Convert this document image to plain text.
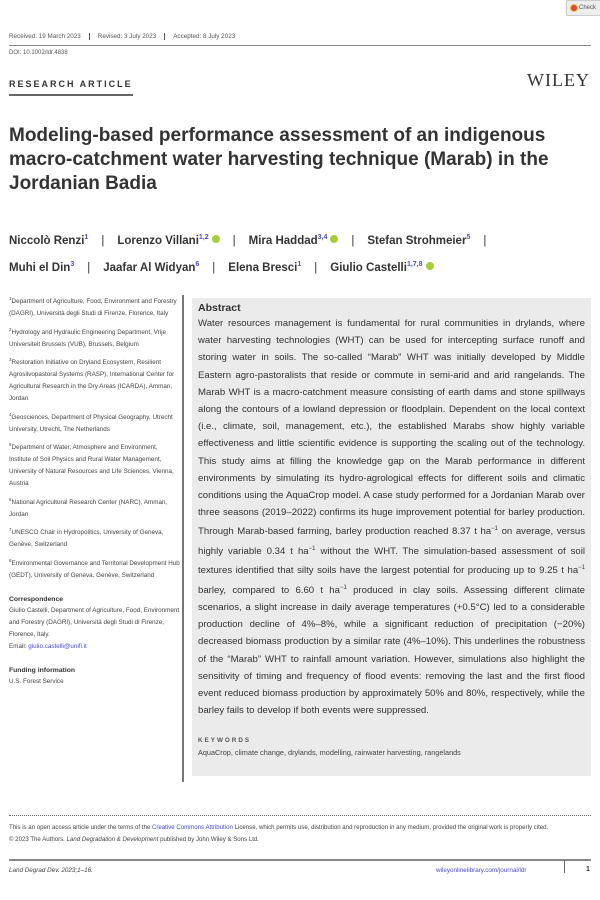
Check
Received: 19 March 2023	Revised: 3 July 2023	Accepted: 8 July 2023
DOI: 10.1002/ldr.4838
RESEARCH ARTICLE	WILEY
Modeling-based performance assessment of an indigenous macro-catchment water harvesting technique (Marab) in the Jordanian Badia
Niccolò Renzi$^1$ | Lorenzo Villani$^{1,2}$ | Mira Haddad$^{3,4}$ | Stefan Strohmeier$^5$ |
Muhi el Din$^3$ | Jaafar Al Widyan$^6$ | Elena Bresci$^1$ | Giulio Castelli$^{1,7,8}$

$^1$Department of Agriculture, Food, Environment and Forestry (DAGRI), Università degli Studi di Firenze, Florence, Italy

$^2$Hydrology and Hydraulic Engineering Department, Vrije Universiteit Brussels (VUB), Brussels, Belgium

$^3$Restoration Initiative on Dryland Ecosystem, Resilient Agrosilvopastoral Systems (RASP), International Center for Agricultural Research in the Dry Areas (ICARDA), Amman, Jordan

$^4$Geosciences, Department of Physical Geography, Utrecht University, Utrecht, The Netherlands

$^5$Department of Water, Atmosphere and Environment, Institute of Soil Physics and Rural Water Management, University of Natural Resources and Life Sciences, Vienna, Austria

$^6$National Agricultural Research Center (NARC), Amman, Jordan

$^7$UNESCO Chair in Hydropolitics, University of Geneva, Genève, Switzerland

$^8$Environmental Governance and Territorial Development Hub (GEDT), University of Geneva, Genève, Switzerland

Correspondence

Giulio Castelli, Department of Agriculture, Food, Environment and Forestry (DAGRI), Università degli Studi di Firenze, Florence, Italy.
Email: giulio.castelli@unifi.it

Funding information

U.S. Forest Service

Abstract

Water resources management is fundamental for rural communities in drylands, where water harvesting technologies (WHT) can be used for intercepting surface runoff and storing water in soils. The so-called “Marab” WHT was initially developed by Middle Eastern agro-pastoralists that reside or commute in semi-arid and arid rangelands. The Marab WHT is a macro-catchment measure consisting of earth dams and stone spillways along the contours of a lowland depression or floodplain. Dependent on the local context (i.e., climate, soil, management, etc.), the established Marabs show highly variable effectiveness and little scientific evidence is supporting the scaling out of the technology. This study aims at filling the knowledge gap on the Marab performance in different environments by simulating its hydro-agrological effects for different soils and climatic conditions using the AquaCrop model. A case study performed for a Jordanian Marab over three seasons (2019–2022) confirms its huge improvement potential for barley production. Through Marab-based farming, barley production reached 8.37 t $ha^{-1}$ on average, versus highly variable 0.34 t $ha^{-1}$ without the WHT. The simulation-based assessment of soil textures identified that silty soils have the largest potential for producing up to 9.25 t $ha^{-1}$ barley, compared to 6.60 t $ha^{-1}$ produced in clay soils. Assessing different climate scenarios, a slight increase in daily average temperatures (+0.5°C) led to a considerable production decline of 4%–8%, while a significant reduction of precipitation (−20%) decreased biomass production by a similar rate (4%–10%). This underlines the robustness of the “Marab” WHT to rainfall amount variation. However, simulations also highlight the sensitivity of timing and frequency of flood events: removing the last and the first flood event reduced biomass production by approximately 50% and 80%, respectively, while the barley fails to develop if both events were suppressed.

KEYWORDS
AquaCrop, climate change, drylands, modelling, rainwater harvesting, rangelands
This is an open access article under the terms of the Creative Commons Attribution License, which permits use, distribution and reproduction in any medium, provided the original work is properly cited.
© 2023 The Authors. Land Degradation & Development published by John Wiley & Sons Ltd.
Land Degrad Dev. 2023;1–16.	wileyonlinelibrary.com/journal/ldr	1
